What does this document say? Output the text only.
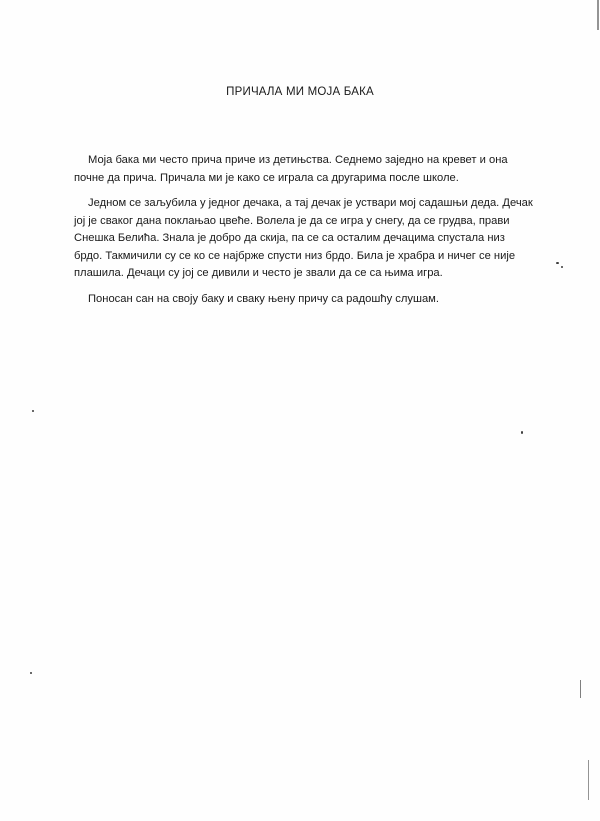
ПРИЧАЛА МИ МОЈА БАКА

Моја бака ми често прича приче из детињства. Седнемо заједно на кревет и она почне да прича. Причала ми је како се играла са другарима после школе.

Једном се заљубила у једног дечака, а тај дечак је уствари мој садашњи деда. Дечак јој је сваког дана поклањао цвеће. Волела је да се игра у снегу, да се грудва, прави Снешка Белића. Знала је добро да скија, па се са осталим дечацима спустала низ брдо. Такмичили су се ко се најбрже спусти низ брдо. Била је храбра и ничег се није плашила. Дечаци су јој се дивили и често је звали да се са њима игра.

Поносан сан на своју баку и сваку њену причу са радошћу слушам.
